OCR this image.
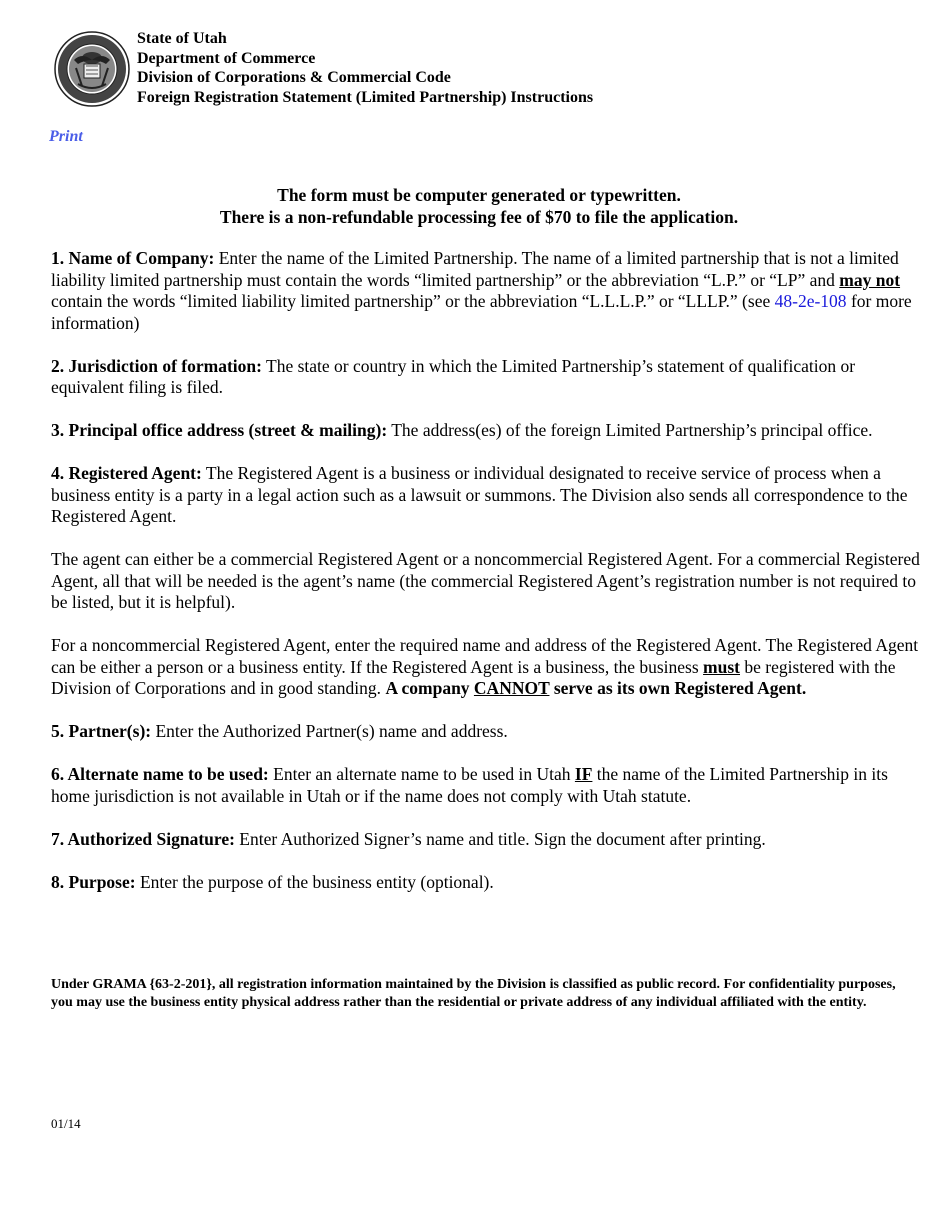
State of Utah
Department of Commerce
Division of Corporations & Commercial Code
Foreign Registration Statement (Limited Partnership) Instructions
Print
The form must be computer generated or typewritten.
There is a non-refundable processing fee of $70 to file the application.

1. Name of Company: Enter the name of the Limited Partnership. The name of a limited partnership that is not a limited liability limited partnership must contain the words “limited partnership” or the abbreviation “L.P.” or “LP” and may not contain the words “limited liability limited partnership” or the abbreviation “L.L.L.P.” or “LLLP.” (see 48-2e-108 for more information)

2. Jurisdiction of formation: The state or country in which the Limited Partnership’s statement of qualification or equivalent filing is filed.

3. Principal office address (street & mailing): The address(es) of the foreign Limited Partnership’s principal office.

4. Registered Agent: The Registered Agent is a business or individual designated to receive service of process when a business entity is a party in a legal action such as a lawsuit or summons. The Division also sends all correspondence to the Registered Agent.

The agent can either be a commercial Registered Agent or a noncommercial Registered Agent. For a commercial Registered Agent, all that will be needed is the agent’s name (the commercial Registered Agent’s registration number is not required to be listed, but it is helpful).

For a noncommercial Registered Agent, enter the required name and address of the Registered Agent. The Registered Agent can be either a person or a business entity. If the Registered Agent is a business, the business must be registered with the Division of Corporations and in good standing. A company CANNOT serve as its own Registered Agent.

5. Partner(s): Enter the Authorized Partner(s) name and address.

6. Alternate name to be used: Enter an alternate name to be used in Utah IF the name of the Limited Partnership in its home jurisdiction is not available in Utah or if the name does not comply with Utah statute.

7. Authorized Signature: Enter Authorized Signer’s name and title. Sign the document after printing.

8. Purpose: Enter the purpose of the business entity (optional).

Under GRAMA {63-2-201}, all registration information maintained by the Division is classified as public record. For confidentiality purposes, you may use the business entity physical address rather than the residential or private address of any individual affiliated with the entity.
01/14
